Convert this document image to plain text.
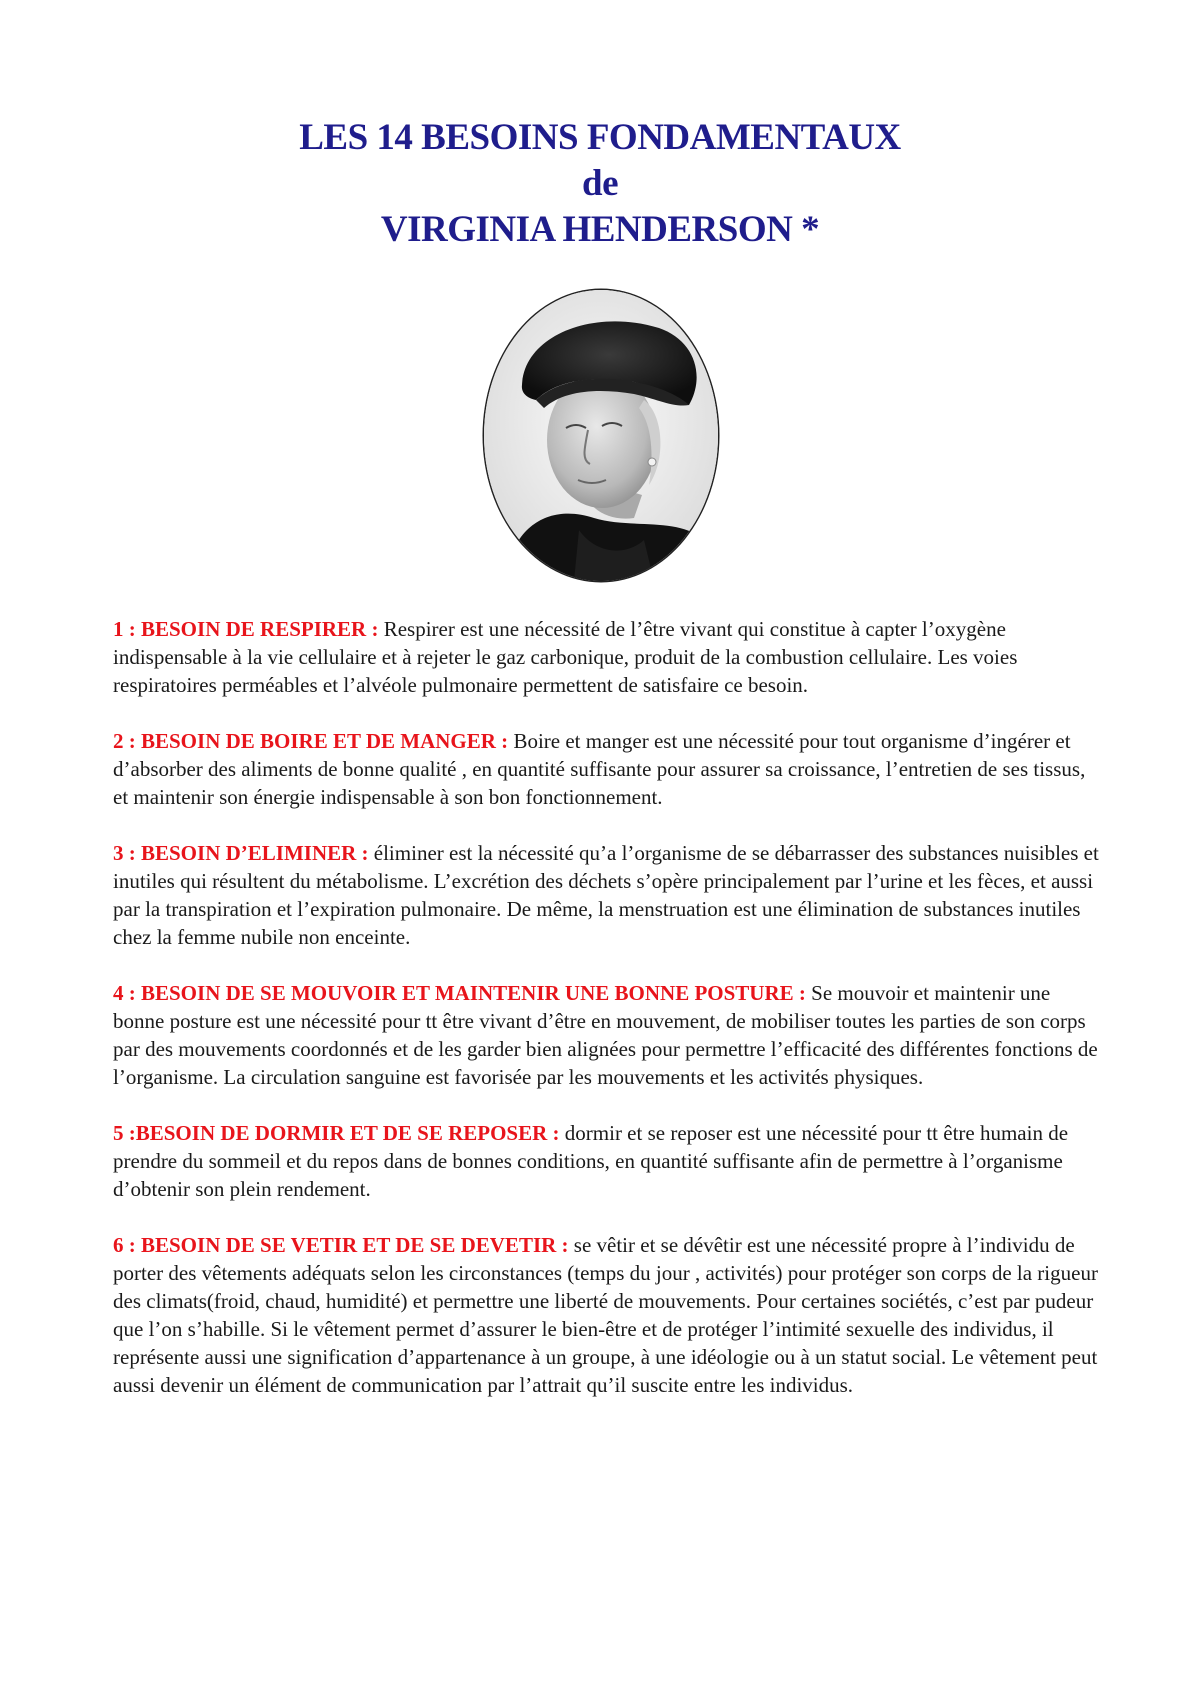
LES 14 BESOINS FONDAMENTAUX
de
VIRGINIA HENDERSON *

1 : BESOIN DE RESPIRER : Respirer est une nécessité de l’être vivant qui constitue à capter l’oxygène indispensable à la vie cellulaire et à rejeter le gaz carbonique, produit de la combustion cellulaire. Les voies respiratoires perméables et l’alvéole pulmonaire permettent de satisfaire ce besoin.

2 : BESOIN DE BOIRE ET DE MANGER : Boire et manger est une nécessité pour tout organisme d’ingérer et d’absorber des aliments de bonne qualité , en quantité suffisante pour assurer sa croissance, l’entretien de ses tissus, et maintenir son énergie indispensable à son bon fonctionnement.

3 : BESOIN D’ELIMINER : éliminer est la nécessité qu’a l’organisme de se débarrasser des substances nuisibles et inutiles qui résultent du métabolisme. L’excrétion des déchets s’opère principalement par l’urine et les fèces, et aussi par la transpiration et l’expiration pulmonaire. De même, la menstruation est une élimination de substances inutiles chez la femme nubile non enceinte.

4 : BESOIN DE SE MOUVOIR ET MAINTENIR UNE BONNE POSTURE : Se mouvoir et maintenir une bonne posture est une nécessité pour tt être vivant d’être en mouvement, de mobiliser toutes les parties de son corps par des mouvements coordonnés et de les garder bien alignées pour permettre l’efficacité des différentes fonctions de l’organisme. La circulation sanguine est favorisée par les mouvements et les activités physiques.

5 :BESOIN DE DORMIR ET DE SE REPOSER : dormir et se reposer est une nécessité pour tt être humain de prendre du sommeil et du repos dans de bonnes conditions, en quantité suffisante afin de permettre à l’organisme d’obtenir son plein rendement.

6 : BESOIN DE SE VETIR ET DE SE DEVETIR : se vêtir et se dévêtir est une nécessité propre à l’individu de porter des vêtements adéquats selon les circonstances (temps du jour , activités) pour protéger son corps de la rigueur des climats(froid, chaud, humidité) et permettre une liberté de mouvements. Pour certaines sociétés, c’est par pudeur que l’on s’habille. Si le vêtement permet d’assurer le bien-être et de protéger l’intimité sexuelle des individus, il représente aussi une signification d’appartenance à un groupe, à une idéologie ou à un statut social. Le vêtement peut aussi devenir un élément de communication par l’attrait qu’il suscite entre les individus.
